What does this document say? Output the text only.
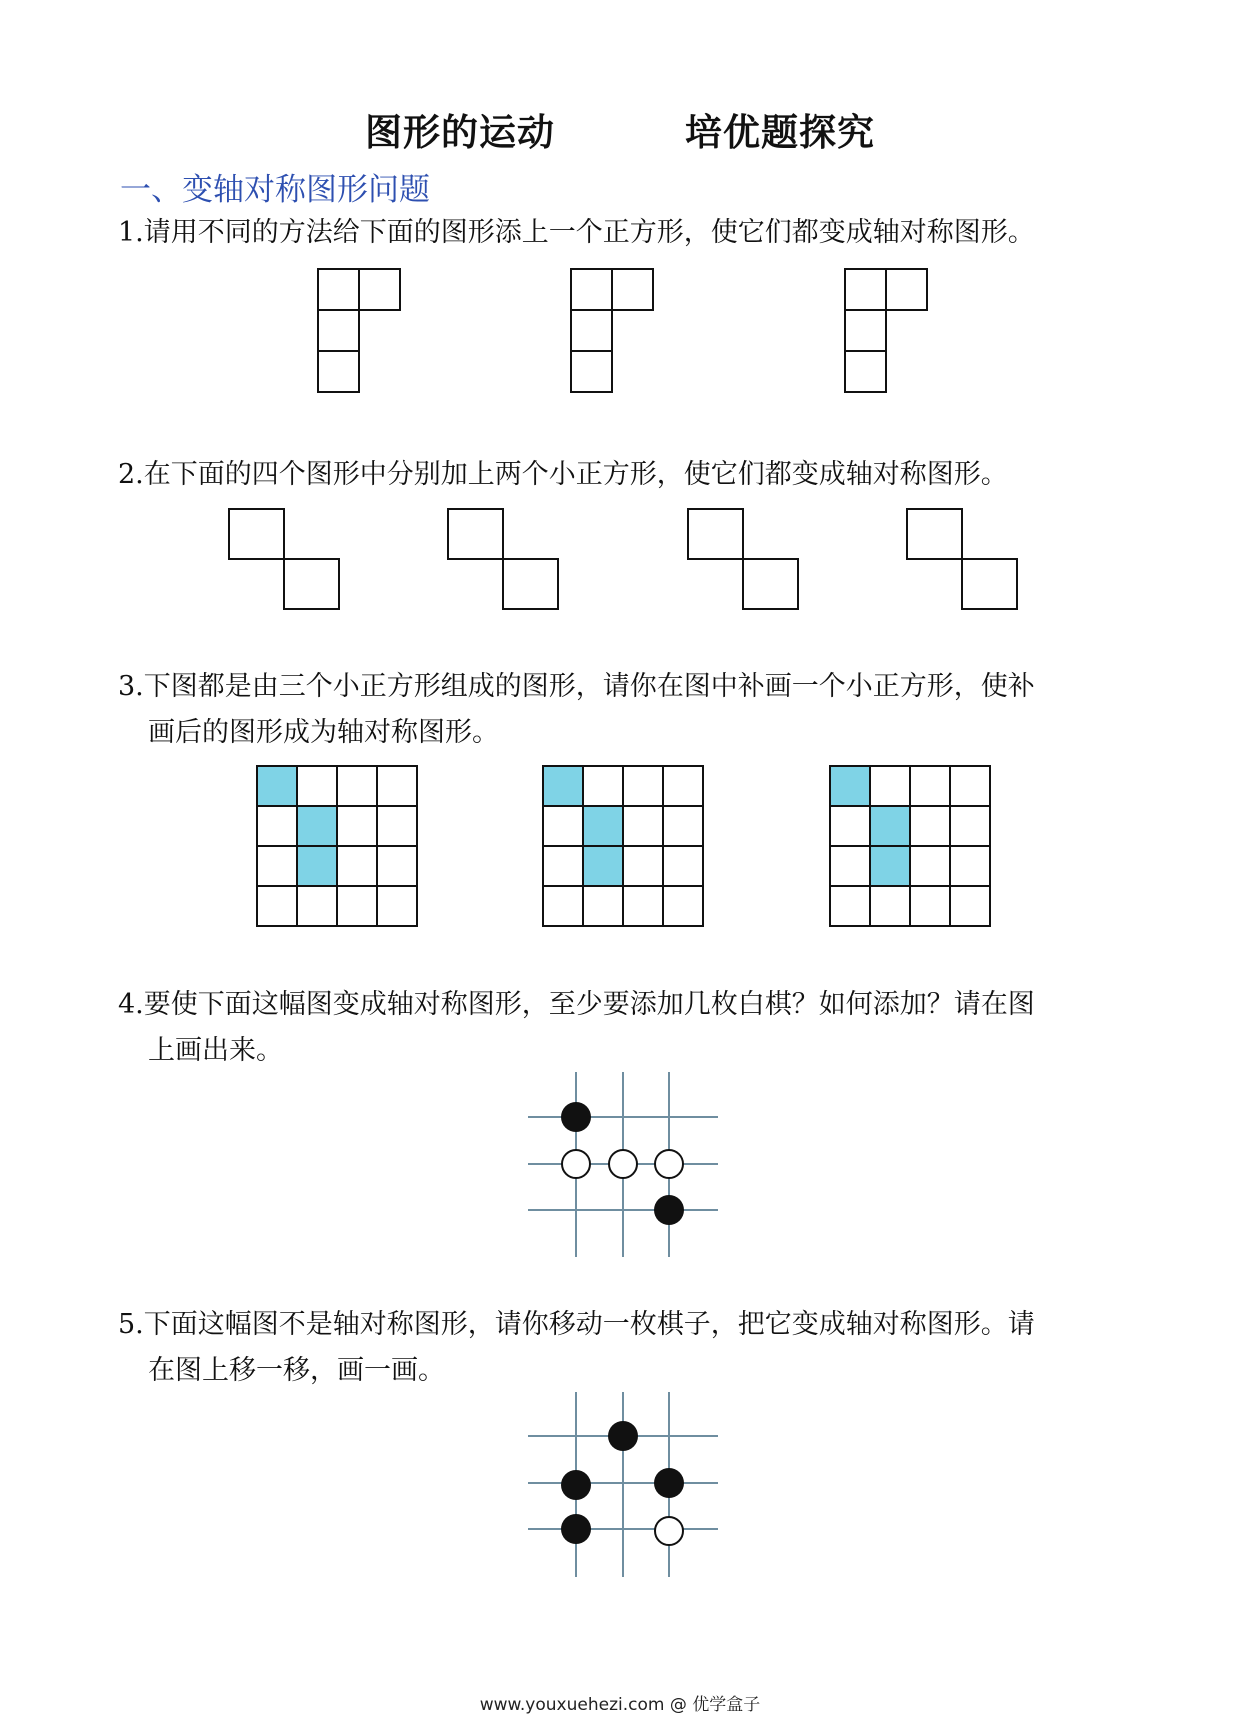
图形的运动	培优题探究
一、变轴对称图形问题
1.请用不同的方法给下面的图形添上一个正方形，使它们都变成轴对称图形。
2.在下面的四个图形中分别加上两个小正方形，使它们都变成轴对称图形。
3.下图都是由三个小正方形组成的图形，请你在图中补画一个小正方形，使补
画后的图形成为轴对称图形。
4.要使下面这幅图变成轴对称图形，至少要添加几枚白棋？如何添加？请在图
上画出来。
5.下面这幅图不是轴对称图形，请你移动一枚棋子，把它变成轴对称图形。请
在图上移一移，画一画。
www.youxuehezi.com @ 优学盒子
